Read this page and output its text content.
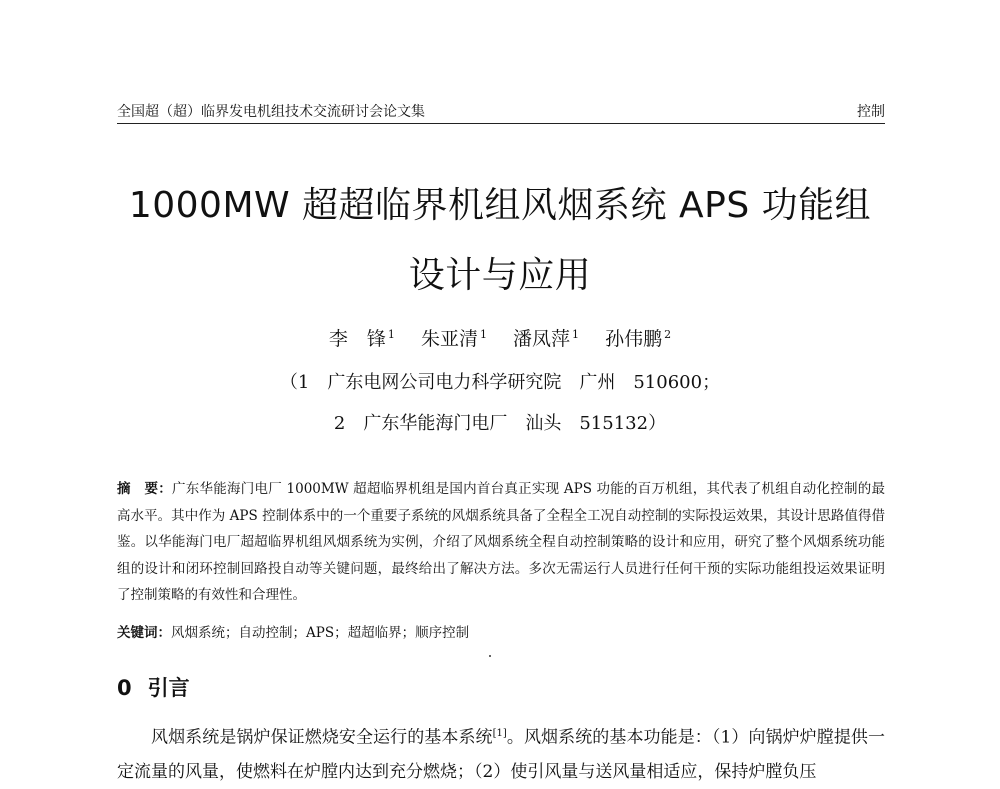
全国超（超）临界发电机组技术交流研讨会论文集	控制
1000MW 超超临界机组风烟系统 APS 功能组
设计与应用
李　锋 $^1$ 朱亚清 $^1$ 潘凤萍 $^1$ 孙伟鹏 $^2$
（1　广东电网公司电力科学研究院　广州　510600；
2　广东华能海门电厂　汕头　515132）
摘　要：广东华能海门电厂 1000MW 超超临界机组是国内首台真正实现 APS 功能的百万机组，其代表了机组自动化控制的最高水平。其中作为 APS 控制体系中的一个重要子系统的风烟系统具备了全程全工况自动控制的实际投运效果，其设计思路值得借鉴。以华能海门电厂超超临界机组风烟系统为实例，介绍了风烟系统全程自动控制策略的设计和应用，研究了整个风烟系统功能组的设计和闭环控制回路投自动等关键问题，最终给出了解决方法。多次无需运行人员进行任何干预的实际功能组投运效果证明了控制策略的有效性和合理性。
关键词：风烟系统；自动控制；APS；超超临界；顺序控制
0 引言
风烟系统是锅炉保证燃烧安全运行的基本系统[1]。风烟系统的基本功能是：（1）向锅炉炉膛提供一定流量的风量，使燃料在炉膛内达到充分燃烧；（2）使引风量与送风量相适应，保持炉膛负压
